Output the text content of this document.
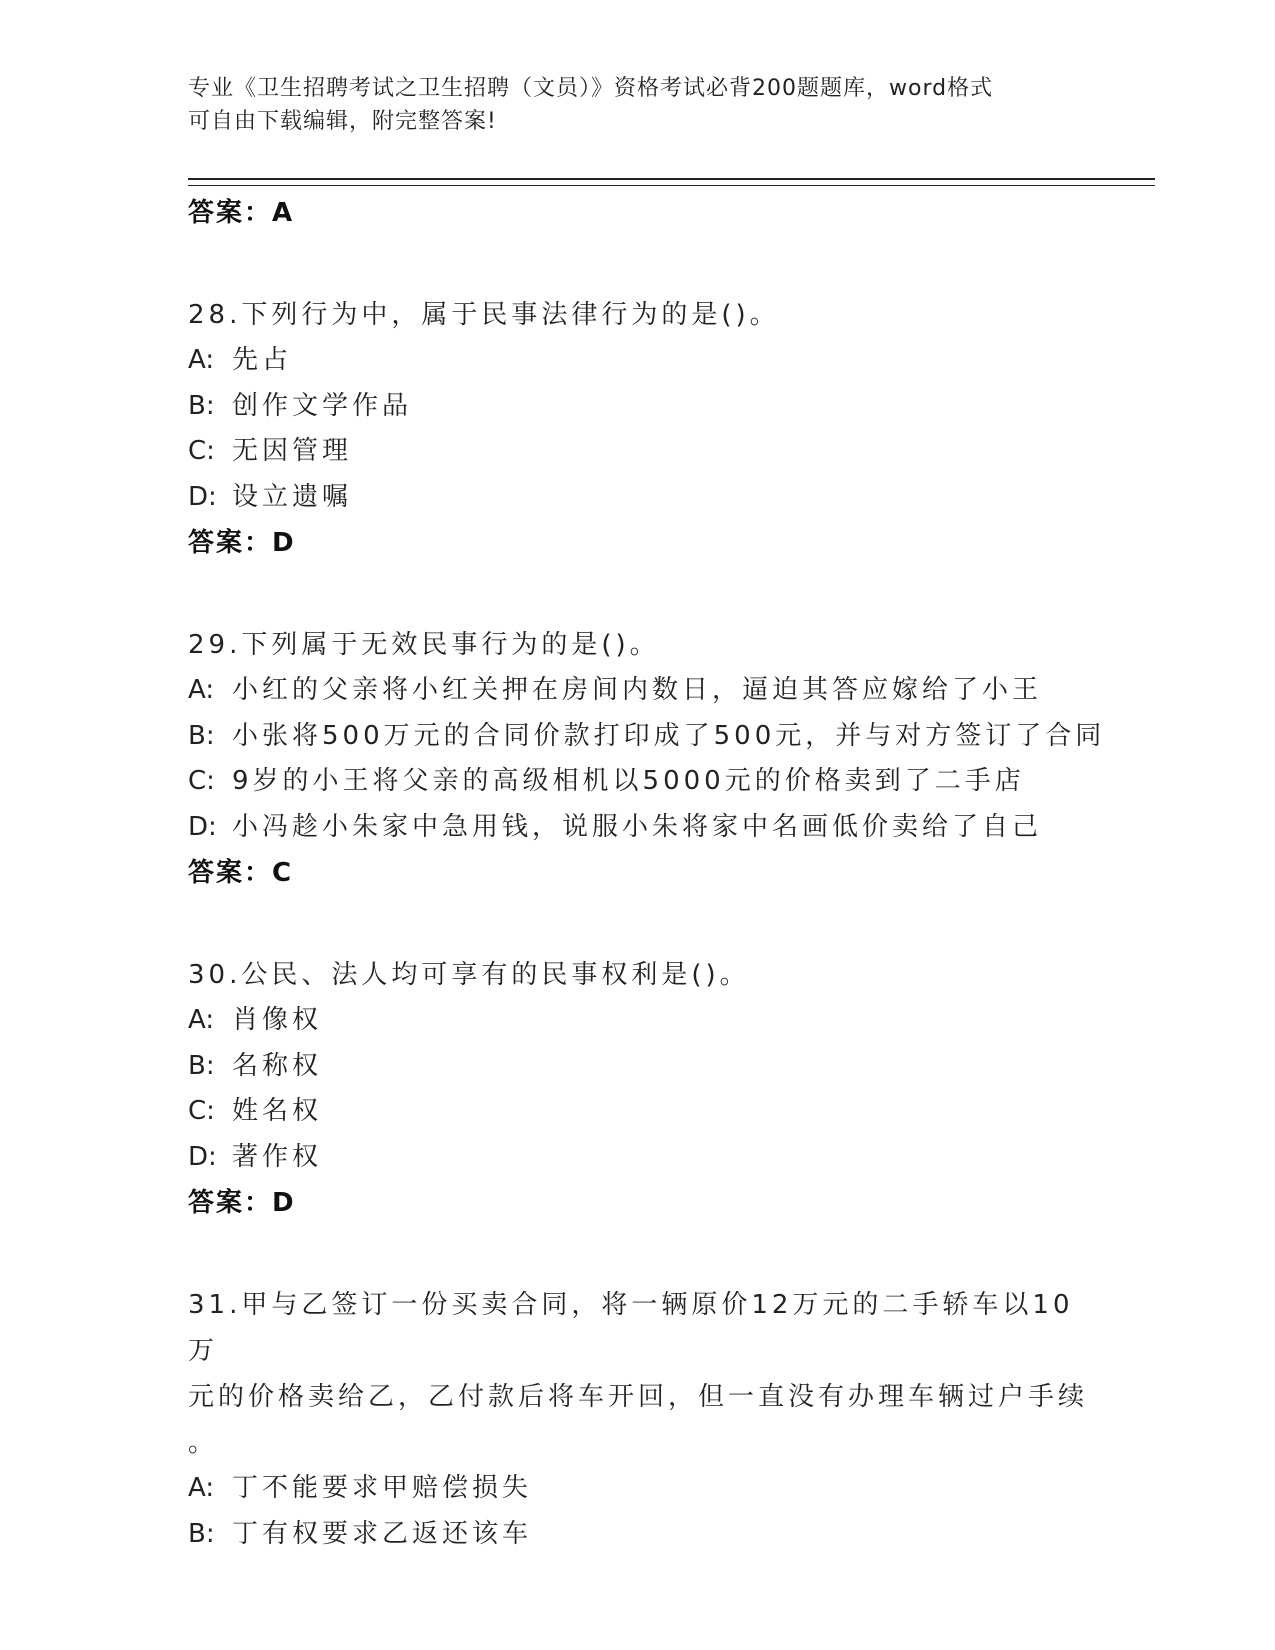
专业《卫生招聘考试之卫生招聘（文员）》资格考试必背200题题库，word格式
可自由下载编辑，附完整答案!

答案：A

28.下列行为中，属于民事法律行为的是()。

A: 先占

B: 创作文学作品

C: 无因管理

D: 设立遗嘱

答案：D

29.下列属于无效民事行为的是()。

A: 小红的父亲将小红关押在房间内数日，逼迫其答应嫁给了小王

B: 小张将500万元的合同价款打印成了500元，并与对方签订了合同

C: 9岁的小王将父亲的高级相机以5000元的价格卖到了二手店

D: 小冯趁小朱家中急用钱，说服小朱将家中名画低价卖给了自己

答案：C

30.公民、法人均可享有的民事权利是()。

A: 肖像权

B: 名称权

C: 姓名权

D: 著作权

答案：D

31.甲与乙签订一份买卖合同，将一辆原价12万元的二手轿车以10万

元的价格卖给乙，乙付款后将车开回，但一直没有办理车辆过户手续

。

A: 丁不能要求甲赔偿损失

B: 丁有权要求乙返还该车
